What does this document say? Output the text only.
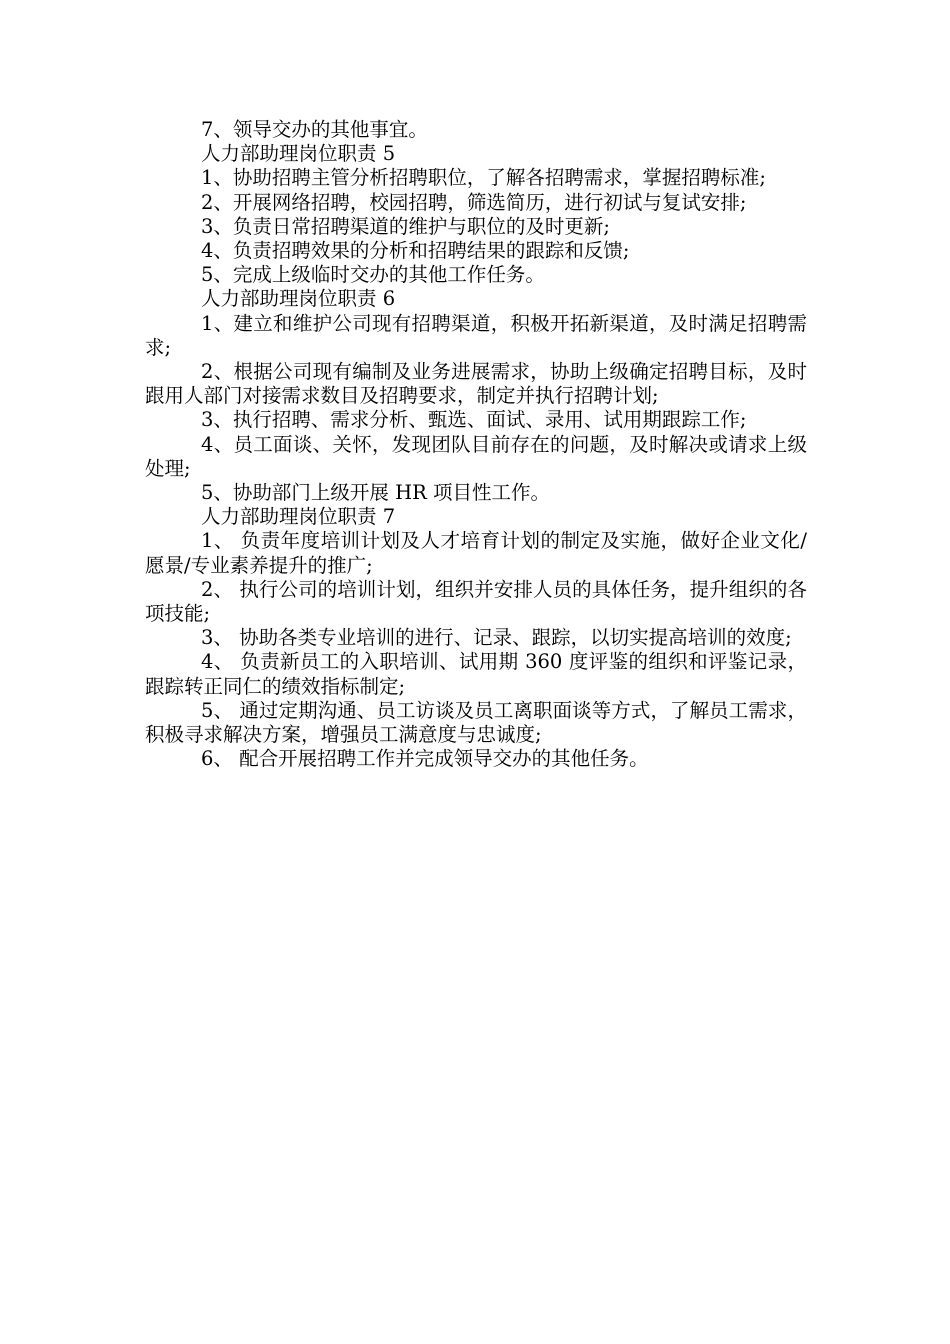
7、领导交办的其他事宜。

人力部助理岗位职责 5

1、协助招聘主管分析招聘职位，了解各招聘需求，掌握招聘标准;

2、开展网络招聘，校园招聘，筛选简历，进行初试与复试安排;

3、负责日常招聘渠道的维护与职位的及时更新;

4、负责招聘效果的分析和招聘结果的跟踪和反馈;

5、完成上级临时交办的其他工作任务。

人力部助理岗位职责 6

1、建立和维护公司现有招聘渠道，积极开拓新渠道，及时满足招聘需求;

2、根据公司现有编制及业务进展需求，协助上级确定招聘目标，及时跟用人部门对接需求数目及招聘要求，制定并执行招聘计划;

3、执行招聘、需求分析、甄选、面试、录用、试用期跟踪工作;

4、员工面谈、关怀，发现团队目前存在的问题，及时解决或请求上级处理;

5、协助部门上级开展 HR 项目性工作。

人力部助理岗位职责 7

1、 负责年度培训计划及人才培育计划的制定及实施，做好企业文化/愿景/专业素养提升的推广;

2、 执行公司的培训计划，组织并安排人员的具体任务，提升组织的各项技能;

3、 协助各类专业培训的进行、记录、跟踪，以切实提高培训的效度;

4、 负责新员工的入职培训、试用期 360 度评鉴的组织和评鉴记录，跟踪转正同仁的绩效指标制定;

5、 通过定期沟通、员工访谈及员工离职面谈等方式，了解员工需求，积极寻求解决方案，增强员工满意度与忠诚度;

6、 配合开展招聘工作并完成领导交办的其他任务。
